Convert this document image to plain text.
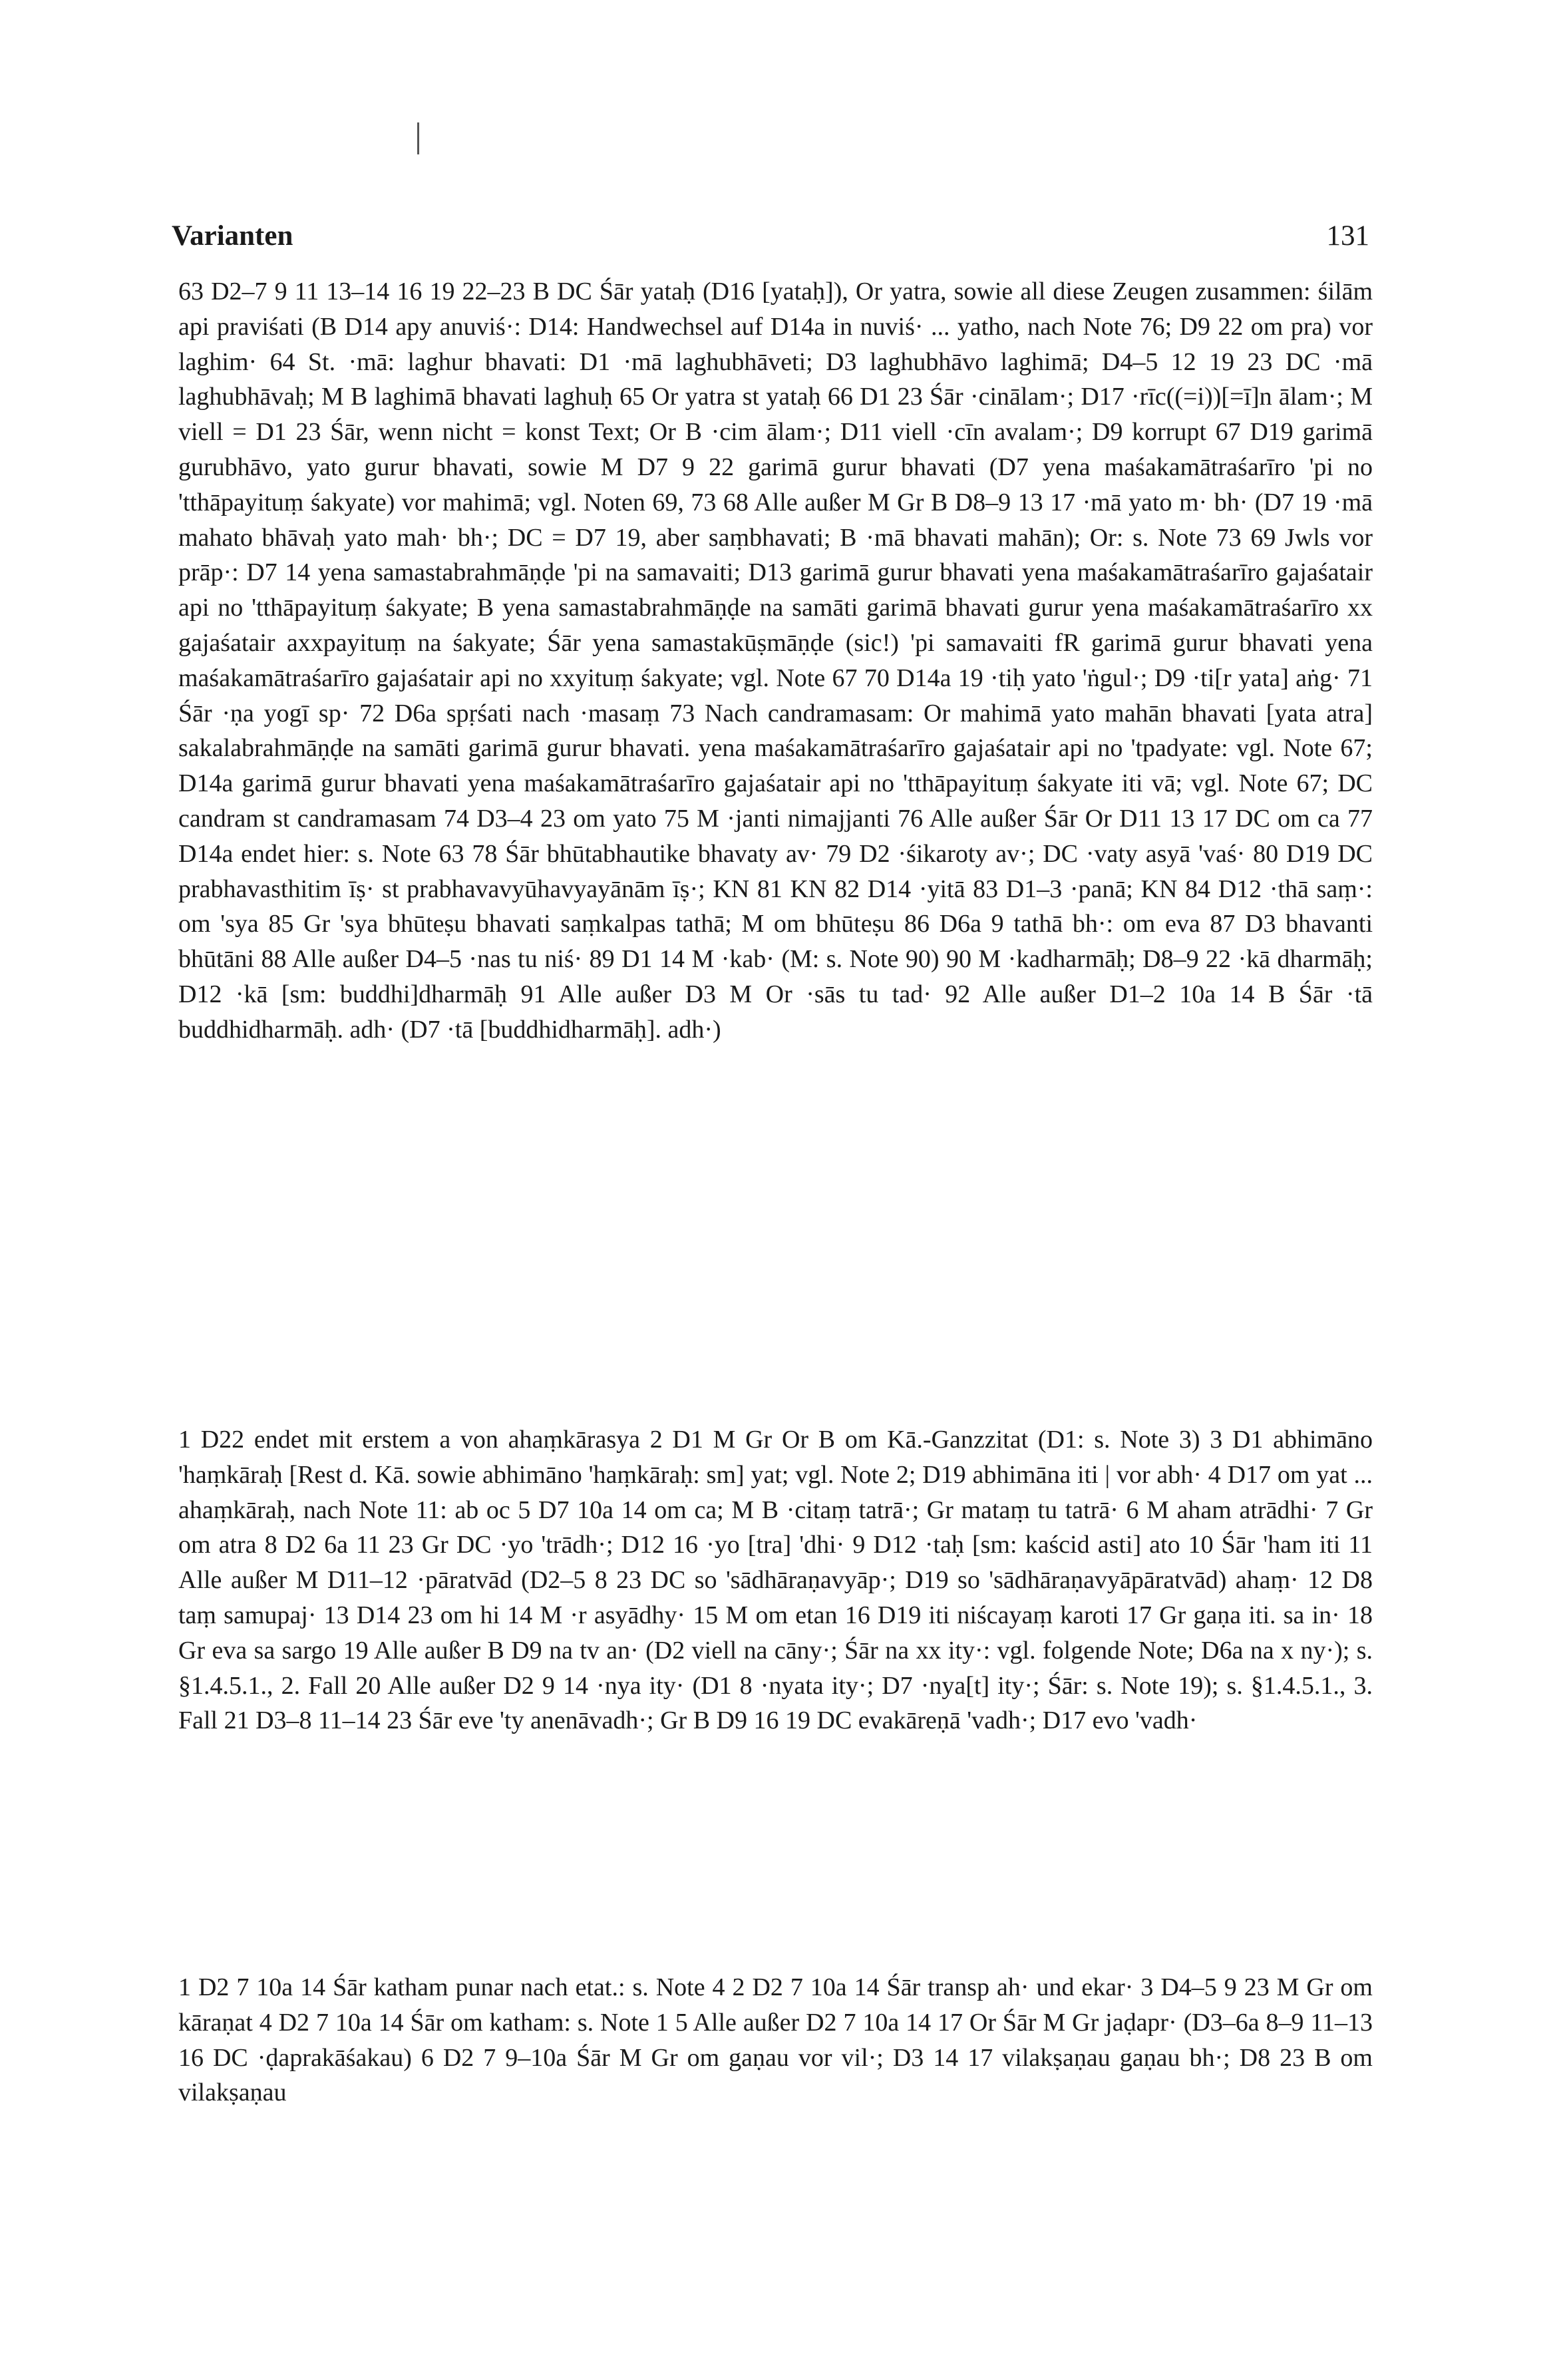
Varianten	131

63 D2–7 9 11 13–14 16 19 22–23 B DC Śār yataḥ (D16 [yataḥ]), Or yatra, sowie all diese Zeugen zusammen: śilām api praviśati (B D14 apy anuviś·: D14: Handwechsel auf D14a in nuviś· ... yatho, nach Note 76; D9 22 om pra) vor laghim· 64 St. ·mā: laghur bhavati: D1 ·mā laghubhāveti; D3 laghubhāvo laghimā; D4–5 12 19 23 DC ·mā laghubhāvaḥ; M B laghimā bhavati laghuḥ 65 Or yatra st yataḥ 66 D1 23 Śār ·cinālam·; D17 ·rīc((=i))[=ī]n ālam·; M viell = D1 23 Śār, wenn nicht = konst Text; Or B ·cim ālam·; D11 viell ·cīn avalam·; D9 korrupt 67 D19 garimā gurubhāvo, yato gurur bhavati, sowie M D7 9 22 garimā gurur bhavati (D7 yena maśakamātraśarīro 'pi no 'tthāpayituṃ śakyate) vor mahimā; vgl. Noten 69, 73 68 Alle außer M Gr B D8–9 13 17 ·mā yato m· bh· (D7 19 ·mā mahato bhāvaḥ yato mah· bh·; DC = D7 19, aber saṃbhavati; B ·mā bhavati mahān); Or: s. Note 73 69 Jwls vor prāp·: D7 14 yena samastabrahmāṇḍe 'pi na samavaiti; D13 garimā gurur bhavati yena maśakamātraśarīro gajaśatair api no 'tthāpayituṃ śakyate; B yena samastabrahmāṇḍe na samāti garimā bhavati gurur yena maśakamātraśarīro xx gajaśatair axxpayituṃ na śakyate; Śār yena samastakūṣmāṇḍe (sic!) 'pi samavaiti fR garimā gurur bhavati yena maśakamātraśarīro gajaśatair api no xxyituṃ śakyate; vgl. Note 67 70 D14a 19 ·tiḥ yato 'ṅgul·; D9 ·ti[r yata] aṅg· 71 Śār ·ṇa yogī sp· 72 D6a spṛśati nach ·masaṃ 73 Nach candramasam: Or mahimā yato mahān bhavati [yata atra] sakalabrahmāṇḍe na samāti garimā gurur bhavati. yena maśakamātraśarīro gajaśatair api no 'tpadyate: vgl. Note 67; D14a garimā gurur bhavati yena maśakamātraśarīro gajaśatair api no 'tthāpayituṃ śakyate iti vā; vgl. Note 67; DC candram st candramasam 74 D3–4 23 om yato 75 M ·janti nimajjanti 76 Alle außer Śār Or D11 13 17 DC om ca 77 D14a endet hier: s. Note 63 78 Śār bhūtabhautike bhavaty av· 79 D2 ·śikaroty av·; DC ·vaty asyā 'vaś· 80 D19 DC prabhavasthitim īṣ· st prabhavavyūhavyayānām īṣ·; KN 81 KN 82 D14 ·yitā 83 D1–3 ·panā; KN 84 D12 ·thā saṃ·: om 'sya 85 Gr 'sya bhūteṣu bhavati saṃkalpas tathā; M om bhūteṣu 86 D6a 9 tathā bh·: om eva 87 D3 bhavanti bhūtāni 88 Alle außer D4–5 ·nas tu niś· 89 D1 14 M ·kab· (M: s. Note 90) 90 M ·kadharmāḥ; D8–9 22 ·kā dharmāḥ; D12 ·kā [sm: buddhi]dharmāḥ 91 Alle außer D3 M Or ·sās tu tad· 92 Alle außer D1–2 10a 14 B Śār ·tā buddhidharmāḥ. adh· (D7 ·tā [buddhidharmāḥ]. adh·)

1 D22 endet mit erstem a von ahaṃkārasya 2 D1 M Gr Or B om Kā.-Ganzzitat (D1: s. Note 3) 3 D1 abhimāno 'haṃkāraḥ [Rest d. Kā. sowie abhimāno 'haṃkāraḥ: sm] yat; vgl. Note 2; D19 abhimāna iti | vor abh· 4 D17 om yat ... ahaṃkāraḥ, nach Note 11: ab oc 5 D7 10a 14 om ca; M B ·citaṃ tatrā·; Gr mataṃ tu tatrā· 6 M aham atrādhi· 7 Gr om atra 8 D2 6a 11 23 Gr DC ·yo 'trādh·; D12 16 ·yo [tra] 'dhi· 9 D12 ·taḥ [sm: kaścid asti] ato 10 Śār 'ham iti 11 Alle außer M D11–12 ·pāratvād (D2–5 8 23 DC so 'sādhāraṇavyāp·; D19 so 'sādhāraṇavyāpāratvād) ahaṃ· 12 D8 taṃ samupaj· 13 D14 23 om hi 14 M ·r asyādhy· 15 M om etan 16 D19 iti niścayaṃ karoti 17 Gr gaṇa iti. sa in· 18 Gr eva sa sargo 19 Alle außer B D9 na tv an· (D2 viell na cāny·; Śār na xx ity·: vgl. folgende Note; D6a na x ny·); s. §1.4.5.1., 2. Fall 20 Alle außer D2 9 14 ·nya ity· (D1 8 ·nyata ity·; D7 ·nya[t] ity·; Śār: s. Note 19); s. §1.4.5.1., 3. Fall 21 D3–8 11–14 23 Śār eve 'ty anenāvadh·; Gr B D9 16 19 DC evakāreṇā 'vadh·; D17 evo 'vadh·

1 D2 7 10a 14 Śār katham punar nach etat.: s. Note 4 2 D2 7 10a 14 Śār transp ah· und ekar· 3 D4–5 9 23 M Gr om kāraṇat 4 D2 7 10a 14 Śār om katham: s. Note 1 5 Alle außer D2 7 10a 14 17 Or Śār M Gr jaḍapr· (D3–6a 8–9 11–13 16 DC ·ḍaprakāśakau) 6 D2 7 9–10a Śār M Gr om gaṇau vor vil·; D3 14 17 vilakṣaṇau gaṇau bh·; D8 23 B om vilakṣaṇau
